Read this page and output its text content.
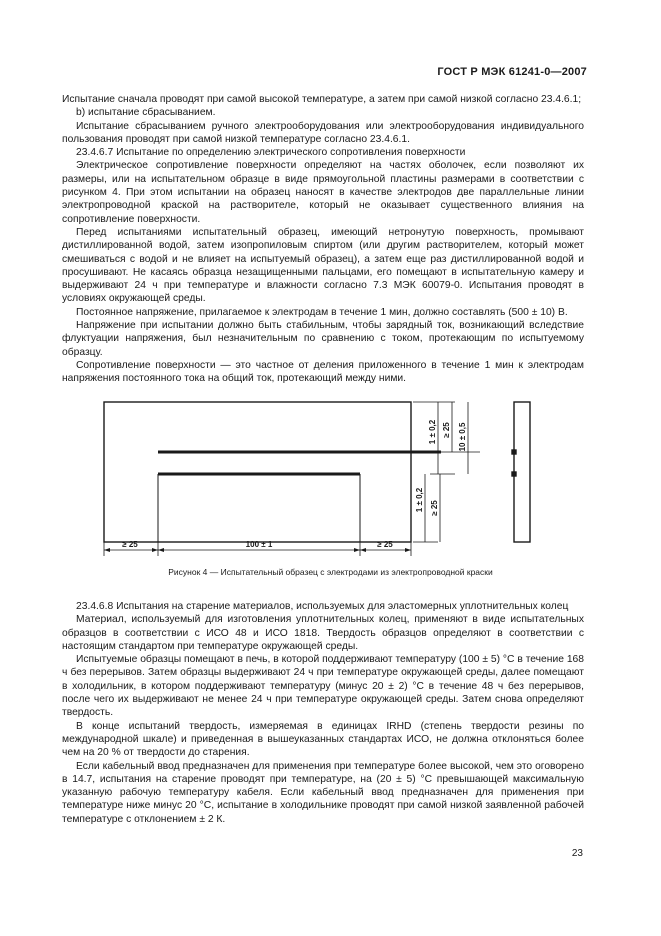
ГОСТ Р МЭК 61241-0—2007

Испытание сначала проводят при самой высокой температуре, а затем при самой низкой согласно 23.4.6.1;

b) испытание сбрасыванием.

Испытание сбрасыванием ручного электрооборудования или электрооборудования индивидуального пользования проводят при самой низкой температуре согласно 23.4.6.1.

23.4.6.7 Испытание по определению электрического сопротивления поверхности

Электрическое сопротивление поверхности определяют на частях оболочек, если позволяют их размеры, или на испытательном образце в виде прямоугольной пластины размерами в соответствии с рисунком 4. При этом испытании на образец наносят в качестве электродов две параллельные линии электропроводной краской на растворителе, который не оказывает существенного влияния на сопротивление поверхности.

Перед испытаниями испытательный образец, имеющий нетронутую поверхность, промывают дистиллированной водой, затем изопропиловым спиртом (или другим растворителем, который может смешиваться с водой и не влияет на испытуемый образец), а затем еще раз дистиллированной водой и просушивают. Не касаясь образца незащищенными пальцами, его помещают в испытательную камеру и выдерживают 24 ч при температуре и влажности согласно 7.3 МЭК 60079-0. Испытания проводят в условиях окружающей среды.

Постоянное напряжение, прилагаемое к электродам в течение 1 мин, должно составлять (500 ± 10) В.

Напряжение при испытании должно быть стабильным, чтобы зарядный ток, возникающий вследствие флуктуации напряжения, был незначительным по сравнению с током, протекающим по испытуемому образцу.

Сопротивление поверхности — это частное от деления приложенного в течение 1 мин к электродам напряжения постоянного тока на общий ток, протекающий между ними.

≥ 25	100 ± 1	≥ 25
1 ± 0,2 ≥ 25 10 ± 0,5
1 ± 0,2 ≥ 25
Рисунок 4 — Испытательный образец с электродами из электропроводной краски

23.4.6.8 Испытания на старение материалов, используемых для эластомерных уплотнительных колец

Материал, используемый для изготовления уплотнительных колец, применяют в виде испытательных образцов в соответствии с ИСО 48 и ИСО 1818. Твердость образцов определяют в соответствии с настоящим стандартом при температуре окружающей среды.

Испытуемые образцы помещают в печь, в которой поддерживают температуру (100 ± 5) °С в течение 168 ч без перерывов. Затем образцы выдерживают 24 ч при температуре окружающей среды, далее помещают в холодильник, в котором поддерживают температуру (минус 20 ± 2) °С в течение 48 ч без перерывов, после чего их выдерживают не менее 24 ч при температуре окружающей среды. Затем снова определяют твердость.

В конце испытаний твердость, измеряемая в единицах IRHD (степень твердости резины по международной шкале) и приведенная в вышеуказанных стандартах ИСО, не должна отклоняться более чем на 20 % от твердости до старения.

Если кабельный ввод предназначен для применения при температуре более высокой, чем это оговорено в 14.7, испытания на старение проводят при температуре, на (20 ± 5) °С превышающей максимальную указанную рабочую температуру кабеля. Если кабельный ввод предназначен для применения при температуре ниже минус 20 °С, испытание в холодильнике проводят при самой низкой заявленной рабочей температуре с отклонением ± 2 К.

23
